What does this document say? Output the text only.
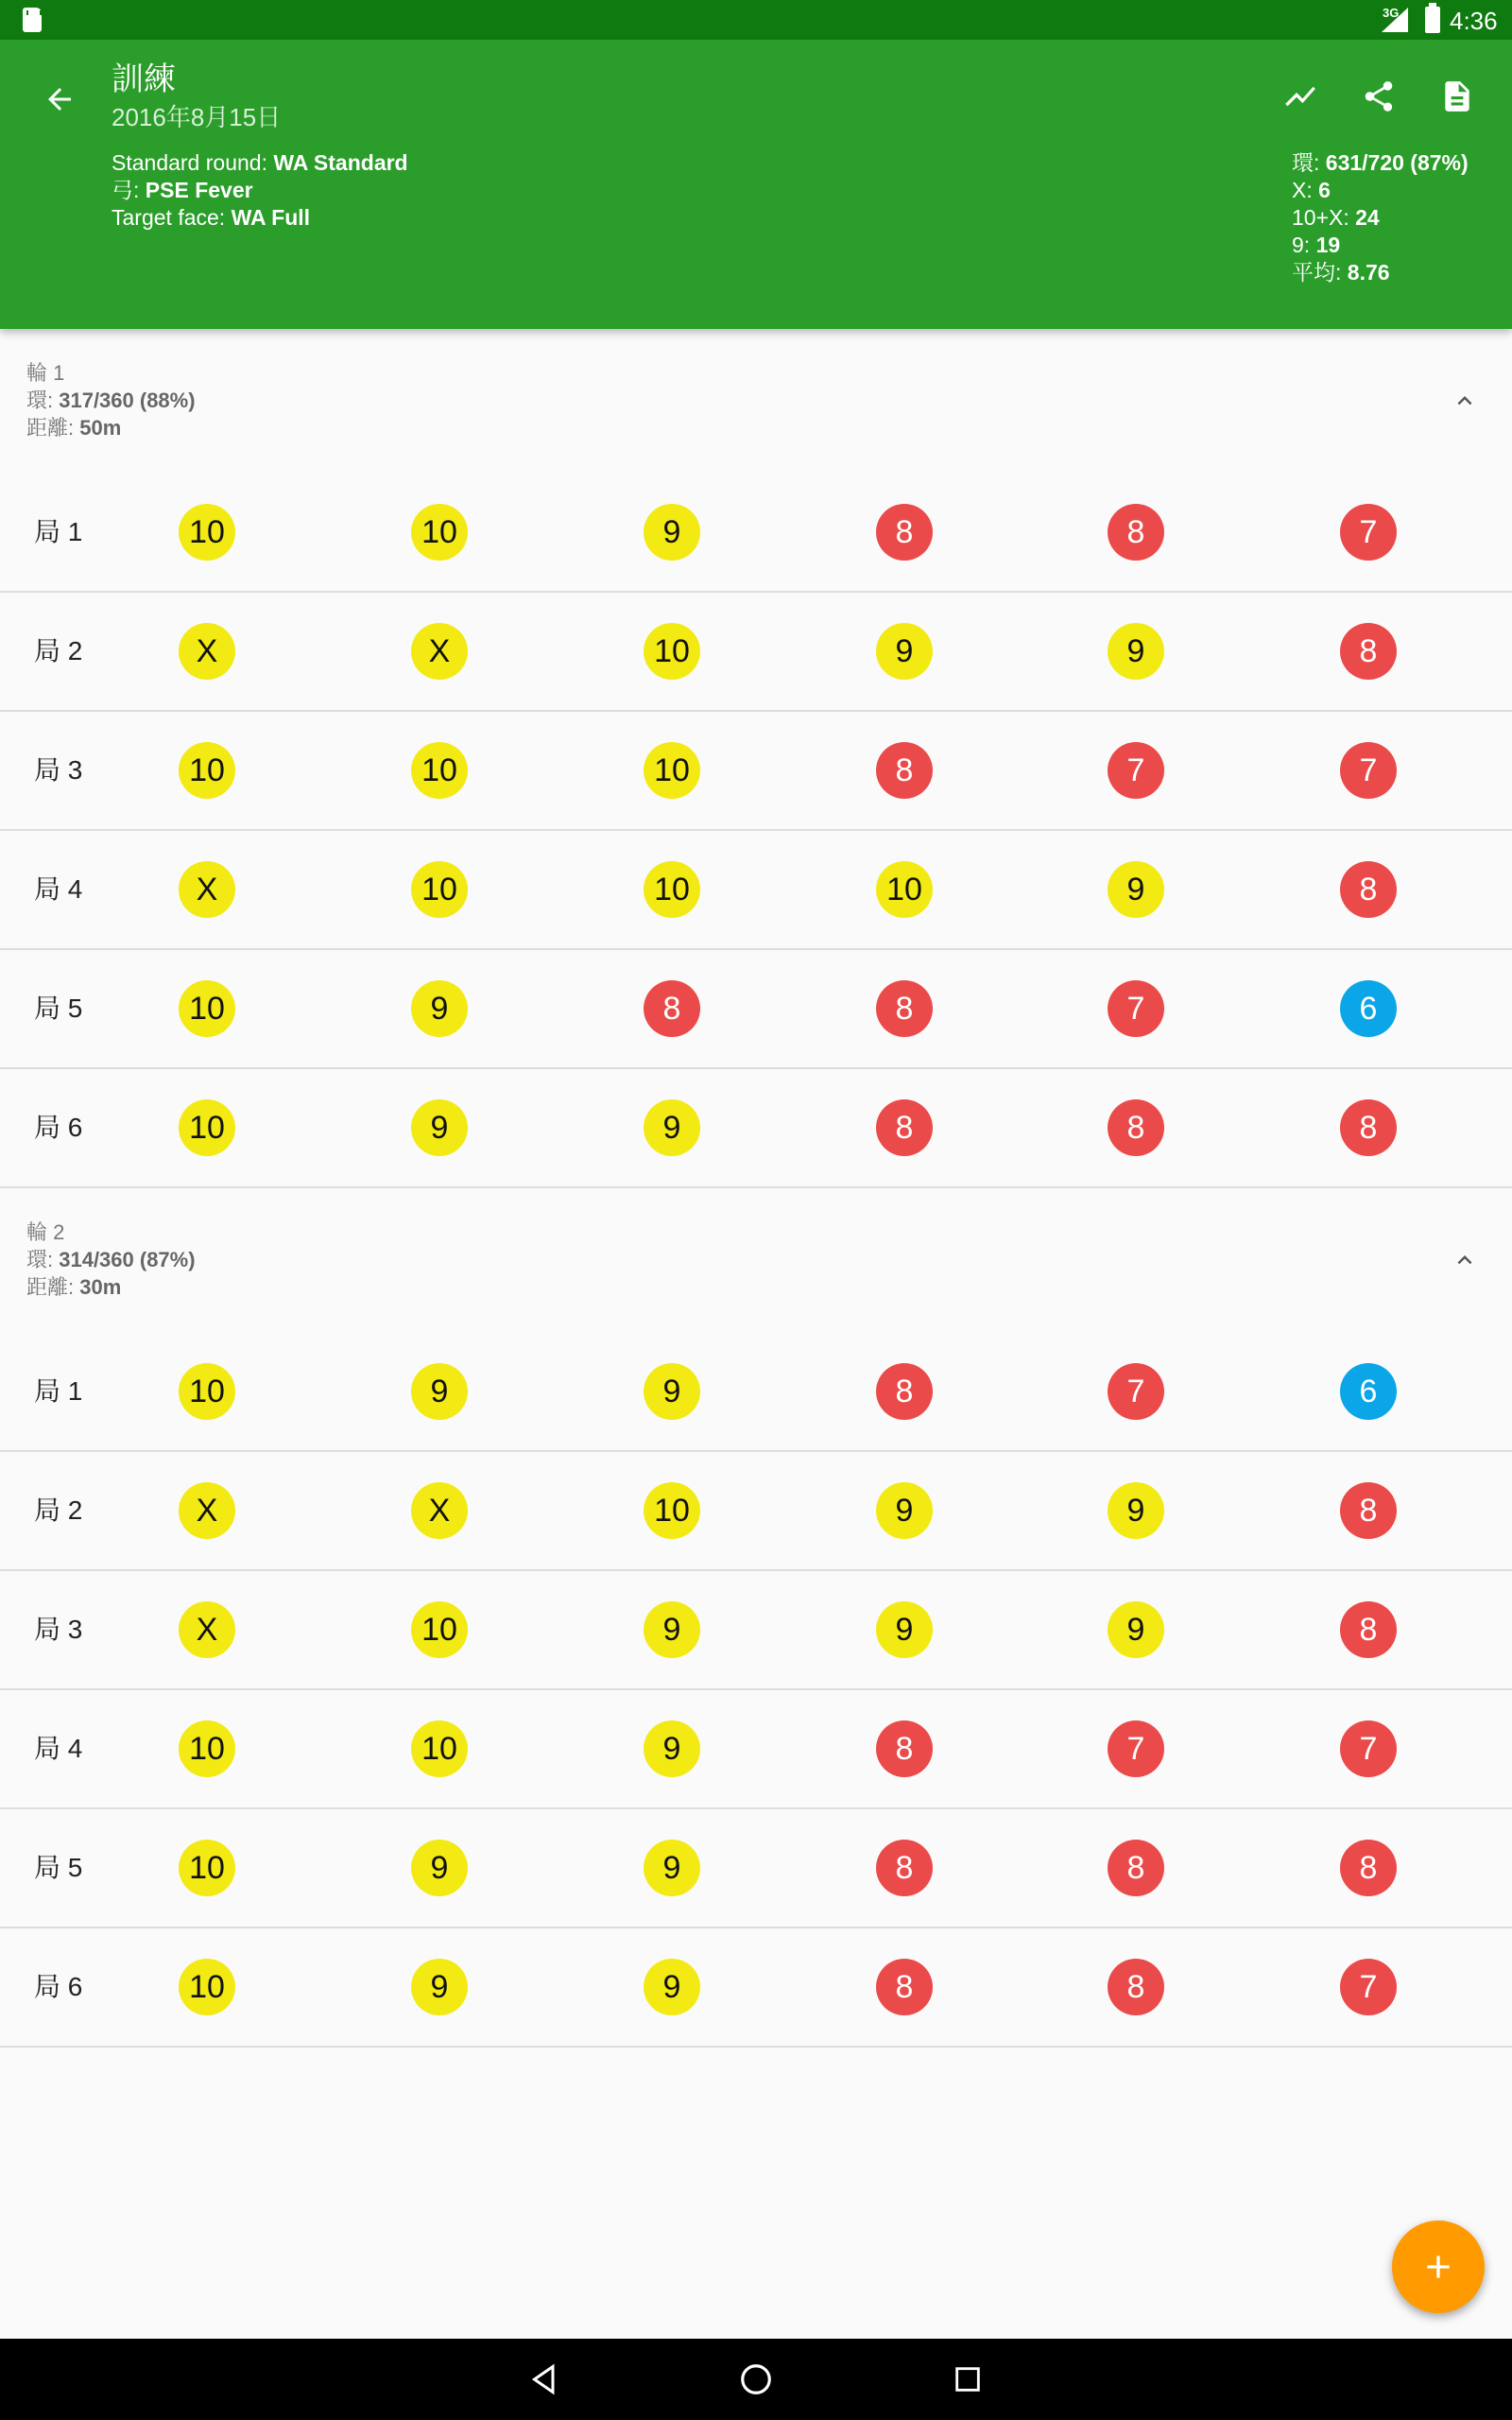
3G 4:36
訓練
2016年8月15日
Standard round: WA Standard
弓: PSE Fever
Target face: WA Full
環: 631/720 (87%)
X: 6
10+X: 24
9: 19
平均: 8.76
輪 1
環: 317/360 (88%)
距離: 50m
局 1	10	10	9	8	8	7
局 2	X	X	10	9	9	8
局 3	10	10	10	8	7	7
局 4	X	10	10	10	9	8
局 5	10	9	8	8	7	6
局 6	10	9	9	8	8	8
輪 2
環: 314/360 (87%)
距離: 30m
局 1	10	9	9	8	7	6
局 2	X	X	10	9	9	8
局 3	X	10	9	9	9	8
局 4	10	10	9	8	7	7
局 5	10	9	9	8	8	8
局 6	10	9	9	8	8	7
